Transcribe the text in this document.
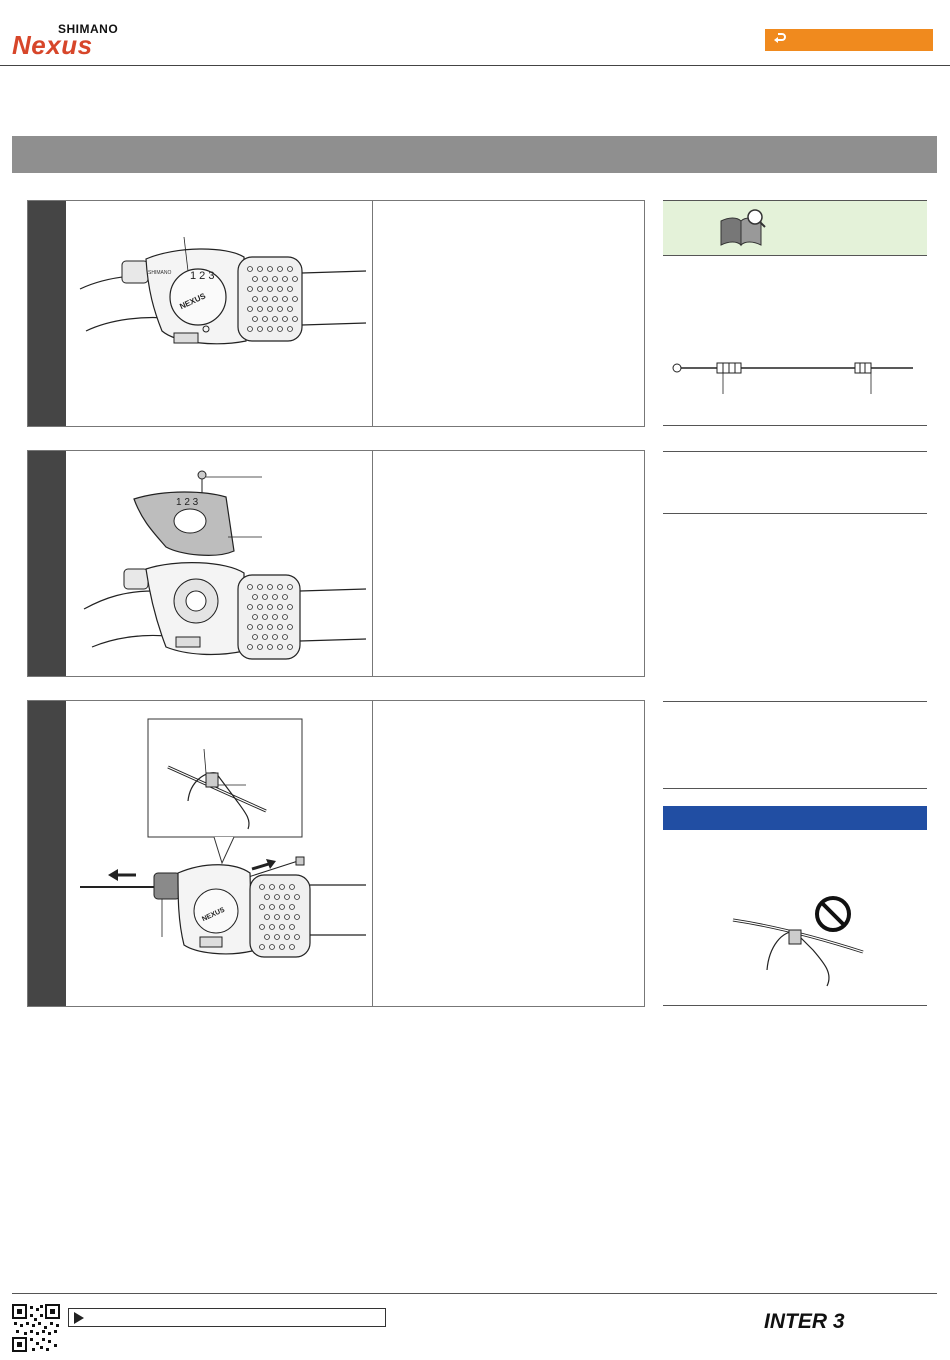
SHIMANO
Nexus
SHIMANO 1 2 3
NEXUS
1 2 3
NEXUS
INTER 3
